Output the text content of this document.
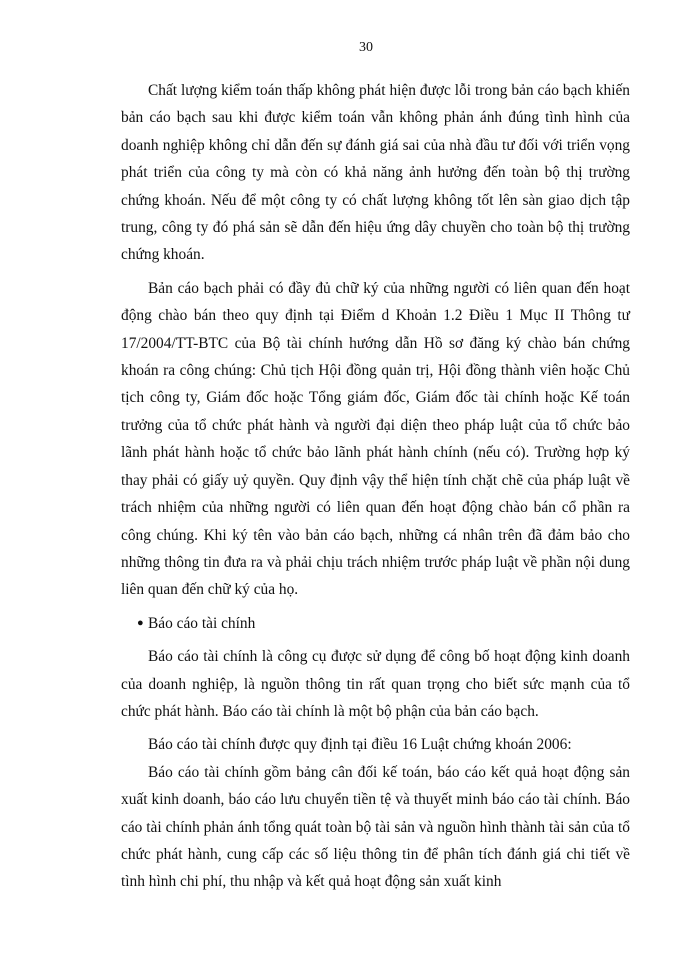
30

Chất lượng kiểm toán thấp không phát hiện được lỗi trong bản cáo bạch khiến bản cáo bạch sau khi được kiểm toán vẫn không phản ánh đúng tình hình của doanh nghiệp không chỉ dẫn đến sự đánh giá sai của nhà đầu tư đối với triển vọng phát triển của công ty mà còn có khả năng ảnh hưởng đến toàn bộ thị trường chứng khoán. Nếu để một công ty có chất lượng không tốt lên sàn giao dịch tập trung, công ty đó phá sản sẽ dẫn đến hiệu ứng dây chuyền cho toàn bộ thị trường chứng khoán.

Bản cáo bạch phải có đầy đủ chữ ký của những người có liên quan đến hoạt động chào bán theo quy định tại Điểm d Khoản 1.2 Điều 1 Mục II Thông tư 17/2004/TT-BTC của Bộ tài chính hướng dẫn Hồ sơ đăng ký chào bán chứng khoán ra công chúng: Chủ tịch Hội đồng quản trị, Hội đồng thành viên hoặc Chủ tịch công ty, Giám đốc hoặc Tổng giám đốc, Giám đốc tài chính hoặc Kế toán trưởng của tổ chức phát hành và người đại diện theo pháp luật của tổ chức bảo lãnh phát hành hoặc tổ chức bảo lãnh phát hành chính (nếu có). Trường hợp ký thay phải có giấy uỷ quyền. Quy định vậy thể hiện tính chặt chẽ của pháp luật về trách nhiệm của những người có liên quan đến hoạt động chào bán cổ phần ra công chúng. Khi ký tên vào bản cáo bạch, những cá nhân trên đã đảm bảo cho những thông tin đưa ra và phải chịu trách nhiệm trước pháp luật về phần nội dung liên quan đến chữ ký của họ.

● Báo cáo tài chính

Báo cáo tài chính là công cụ được sử dụng để công bố hoạt động kinh doanh của doanh nghiệp, là nguồn thông tin rất quan trọng cho biết sức mạnh của tổ chức phát hành. Báo cáo tài chính là một bộ phận của bản cáo bạch.

Báo cáo tài chính được quy định tại điều 16 Luật chứng khoán 2006:

Báo cáo tài chính gồm bảng cân đối kế toán, báo cáo kết quả hoạt động sản xuất kinh doanh, báo cáo lưu chuyển tiền tệ và thuyết minh báo cáo tài chính. Báo cáo tài chính phản ánh tổng quát toàn bộ tài sản và nguồn hình thành tài sản của tổ chức phát hành, cung cấp các số liệu thông tin để phân tích đánh giá chi tiết về tình hình chi phí, thu nhập và kết quả hoạt động sản xuất kinh
